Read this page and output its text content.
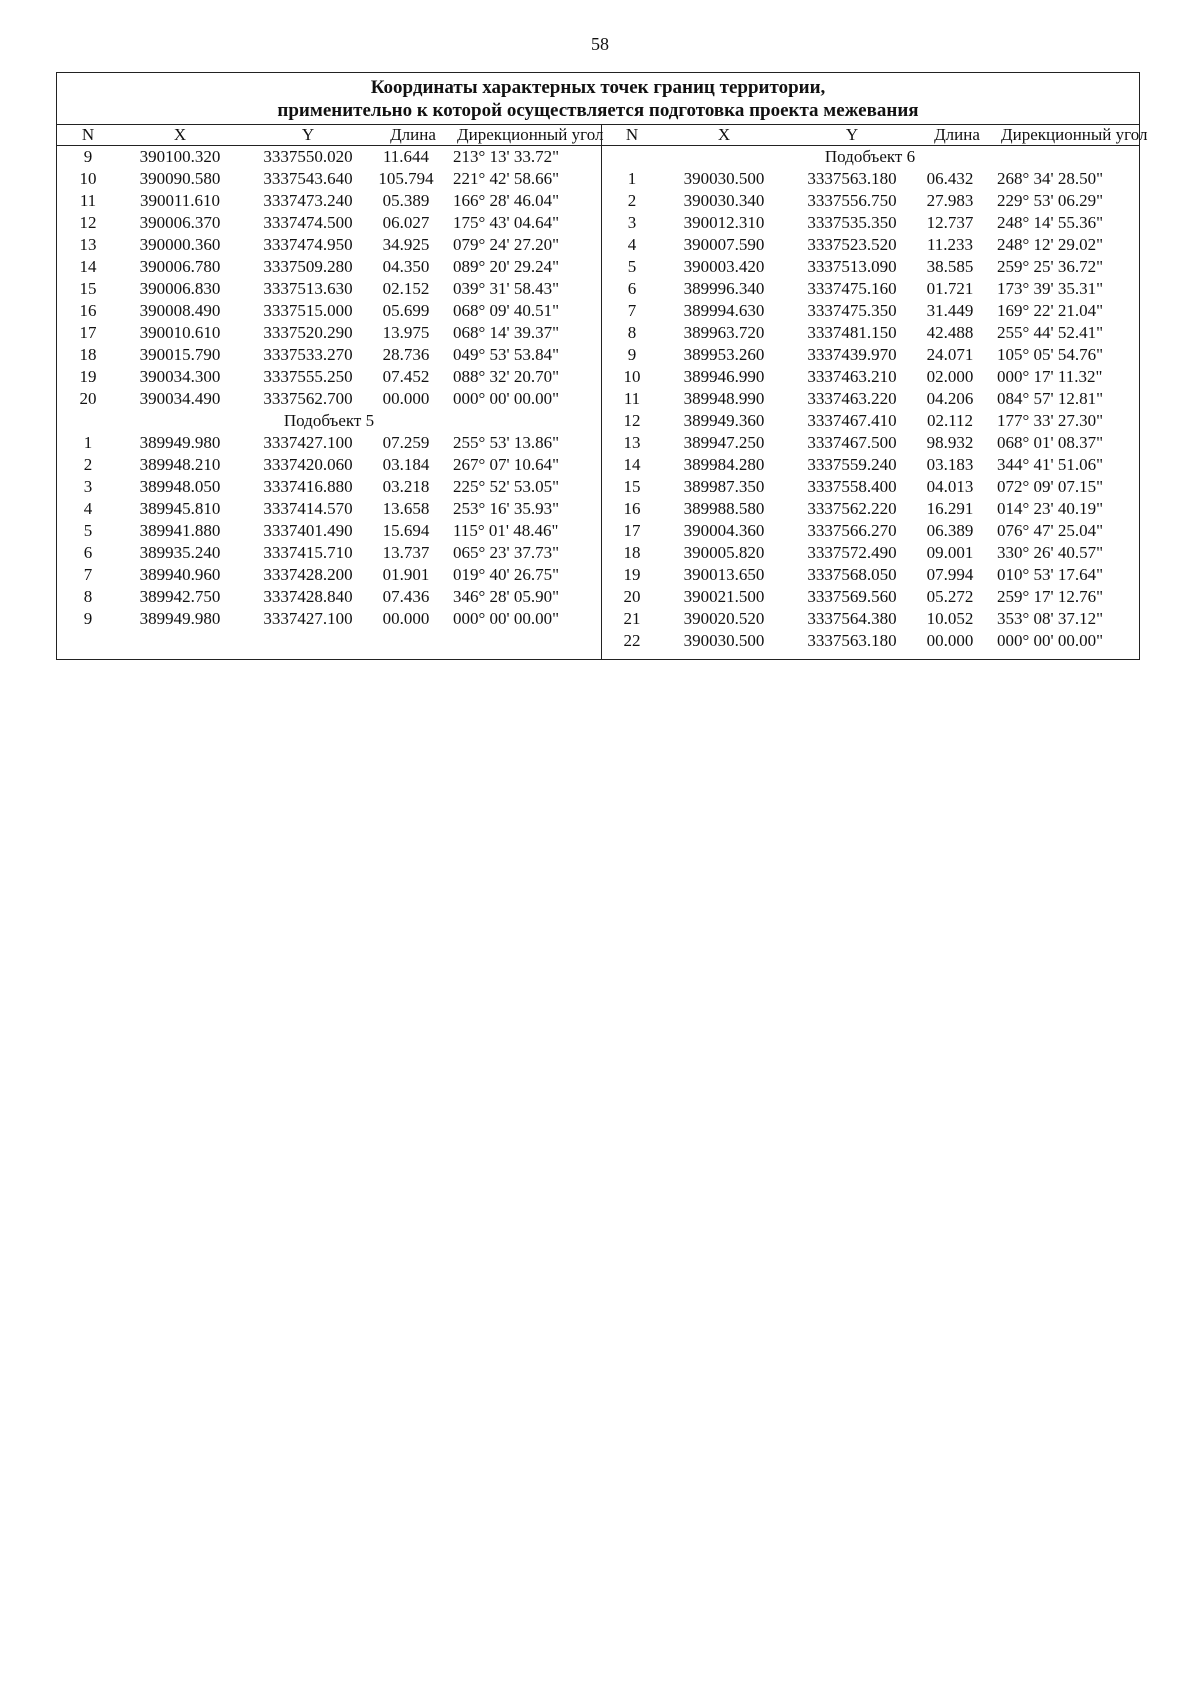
58
Координаты характерных точек границ территории,
применительно к которой осуществляется подготовка проекта межевания
N	X	Y	Длина	Дирекционный угол
9	390100.320	3337550.020	11.644	213° 13' 33.72"
10	390090.580	3337543.640	105.794	221° 42' 58.66"
11	390011.610	3337473.240	05.389	166° 28' 46.04"
12	390006.370	3337474.500	06.027	175° 43' 04.64"
13	390000.360	3337474.950	34.925	079° 24' 27.20"
14	390006.780	3337509.280	04.350	089° 20' 29.24"
15	390006.830	3337513.630	02.152	039° 31' 58.43"
16	390008.490	3337515.000	05.699	068° 09' 40.51"
17	390010.610	3337520.290	13.975	068° 14' 39.37"
18	390015.790	3337533.270	28.736	049° 53' 53.84"
19	390034.300	3337555.250	07.452	088° 32' 20.70"
20	390034.490	3337562.700	00.000	000° 00' 00.00"
Подобъект 5
1	389949.980	3337427.100	07.259	255° 53' 13.86"
2	389948.210	3337420.060	03.184	267° 07' 10.64"
3	389948.050	3337416.880	03.218	225° 52' 53.05"
4	389945.810	3337414.570	13.658	253° 16' 35.93"
5	389941.880	3337401.490	15.694	115° 01' 48.46"
6	389935.240	3337415.710	13.737	065° 23' 37.73"
7	389940.960	3337428.200	01.901	019° 40' 26.75"
8	389942.750	3337428.840	07.436	346° 28' 05.90"
9	389949.980	3337427.100	00.000	000° 00' 00.00"
N	X	Y	Длина	Дирекционный угол
Подобъект 6
1	390030.500	3337563.180	06.432	268° 34' 28.50"
2	390030.340	3337556.750	27.983	229° 53' 06.29"
3	390012.310	3337535.350	12.737	248° 14' 55.36"
4	390007.590	3337523.520	11.233	248° 12' 29.02"
5	390003.420	3337513.090	38.585	259° 25' 36.72"
6	389996.340	3337475.160	01.721	173° 39' 35.31"
7	389994.630	3337475.350	31.449	169° 22' 21.04"
8	389963.720	3337481.150	42.488	255° 44' 52.41"
9	389953.260	3337439.970	24.071	105° 05' 54.76"
10	389946.990	3337463.210	02.000	000° 17' 11.32"
11	389948.990	3337463.220	04.206	084° 57' 12.81"
12	389949.360	3337467.410	02.112	177° 33' 27.30"
13	389947.250	3337467.500	98.932	068° 01' 08.37"
14	389984.280	3337559.240	03.183	344° 41' 51.06"
15	389987.350	3337558.400	04.013	072° 09' 07.15"
16	389988.580	3337562.220	16.291	014° 23' 40.19"
17	390004.360	3337566.270	06.389	076° 47' 25.04"
18	390005.820	3337572.490	09.001	330° 26' 40.57"
19	390013.650	3337568.050	07.994	010° 53' 17.64"
20	390021.500	3337569.560	05.272	259° 17' 12.76"
21	390020.520	3337564.380	10.052	353° 08' 37.12"
22	390030.500	3337563.180	00.000	000° 00' 00.00"
